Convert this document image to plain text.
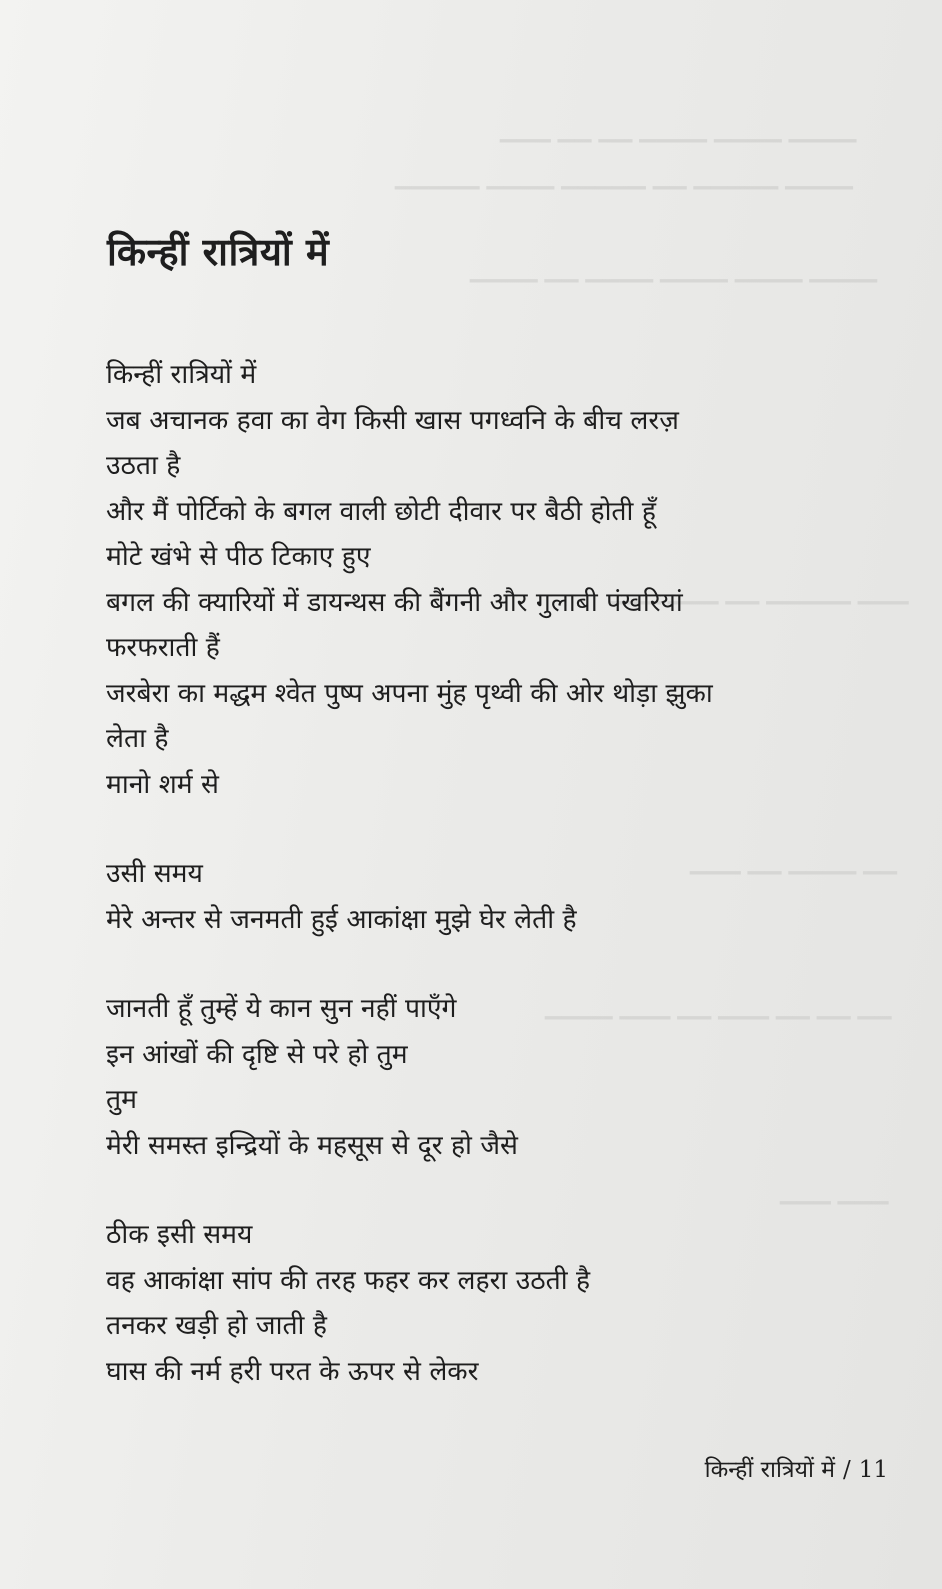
▁▁▁ ▁▁ ▁▁ ▁▁▁▁ ▁▁▁▁ ▁▁▁▁
▁▁▁▁▁ ▁▁▁▁ ▁▁▁▁▁ ▁▁ ▁▁▁▁▁ ▁▁▁▁
▁▁▁▁ ▁▁ ▁▁▁▁ ▁▁▁▁ ▁▁▁▁ ▁▁▁▁
▁▁▁ ▁▁▁ ▁▁ ▁▁▁▁▁ ▁▁▁
▁▁▁ ▁▁ ▁▁▁▁ ▁▁
▁▁▁▁ ▁▁▁ ▁▁ ▁▁▁ ▁▁ ▁▁ ▁▁
▁▁▁ ▁▁▁
किन्हीं रात्रियों में

किन्हीं रात्रियों में

जब अचानक हवा का वेग किसी खास पगध्वनि के बीच लरज़

उठता है

और मैं पोर्टिको के बगल वाली छोटी दीवार पर बैठी होती हूँ

मोटे खंभे से पीठ टिकाए हुए

बगल की क्यारियों में डायन्थस की बैंगनी और गुलाबी पंखरियां

फरफराती हैं

जरबेरा का मद्धम श्वेत पुष्प अपना मुंह पृथ्वी की ओर थोड़ा झुका

लेता है

मानो शर्म से

उसी समय

मेरे अन्तर से जनमती हुई आकांक्षा मुझे घेर लेती है

जानती हूँ तुम्हें ये कान सुन नहीं पाएँगे

इन आंखों की दृष्टि से परे हो तुम

तुम

मेरी समस्त इन्द्रियों के महसूस से दूर हो जैसे

ठीक इसी समय

वह आकांक्षा सांप की तरह फहर कर लहरा उठती है

तनकर खड़ी हो जाती है

घास की नर्म हरी परत के ऊपर से लेकर

किन्हीं रात्रियों में / 11
